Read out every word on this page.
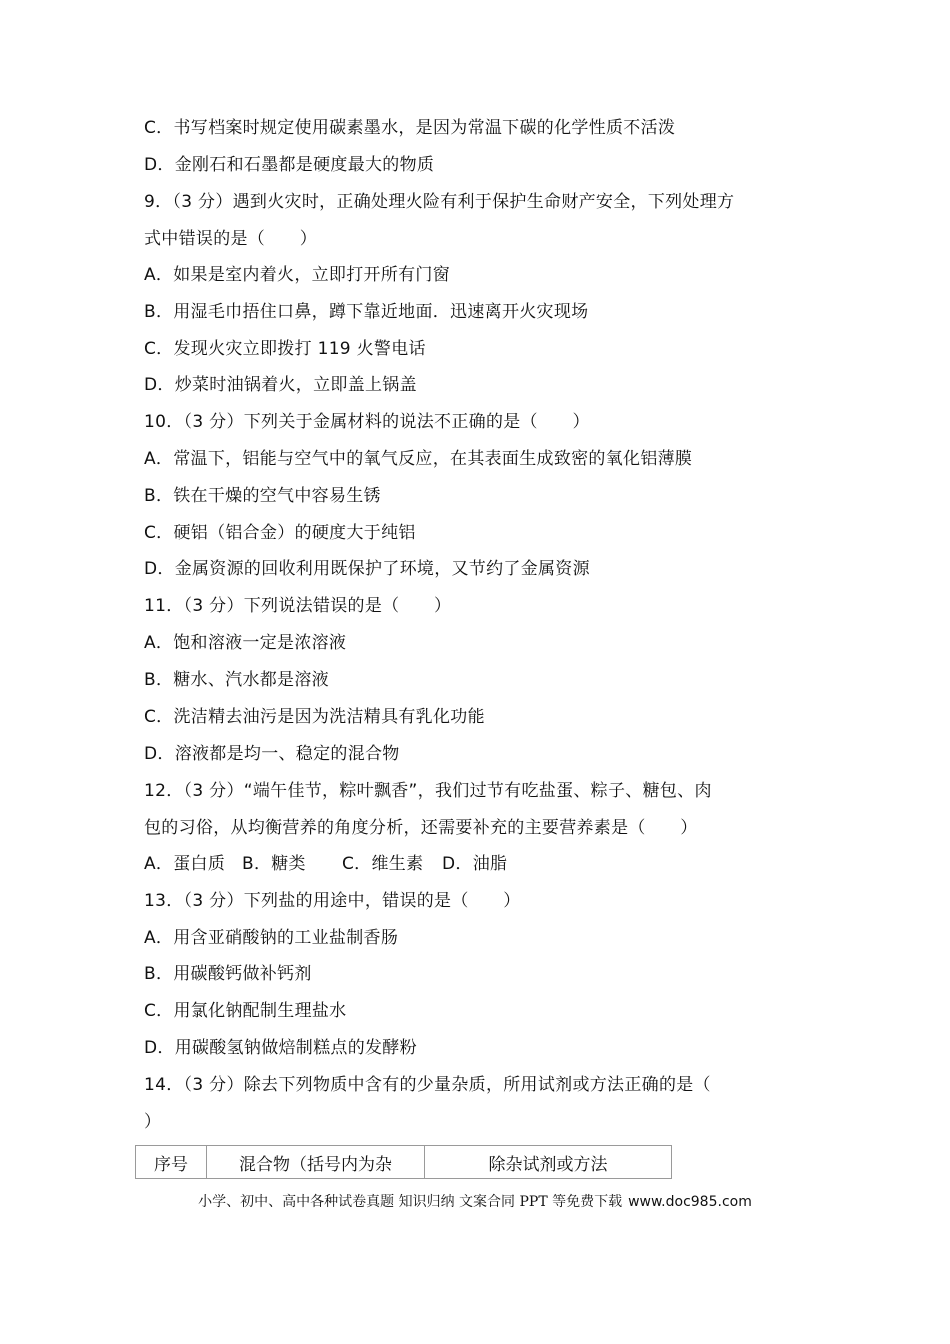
C．书写档案时规定使用碳素墨水，是因为常温下碳的化学性质不活泼
D．金刚石和石墨都是硬度最大的物质
9．（3 分）遇到火灾时，正确处理火险有利于保护生命财产安全，下列处理方
式中错误的是（　　）
A．如果是室内着火，立即打开所有门窗
B．用湿毛巾捂住口鼻，蹲下靠近地面．迅速离开火灾现场
C．发现火灾立即拨打 119 火警电话
D．炒菜时油锅着火，立即盖上锅盖
10．（3 分）下列关于金属材料的说法不正确的是（　　）
A．常温下，铝能与空气中的氧气反应，在其表面生成致密的氧化铝薄膜
B．铁在干燥的空气中容易生锈
C．硬铝（铝合金）的硬度大于纯铝
D．金属资源的回收利用既保护了环境，又节约了金属资源
11．（3 分）下列说法错误的是（　　）
A．饱和溶液一定是浓溶液
B．糖水、汽水都是溶液
C．洗洁精去油污是因为洗洁精具有乳化功能
D．溶液都是均一、稳定的混合物
12．（3 分）“端午佳节，粽叶飘香”，我们过节有吃盐蛋、粽子、糖包、肉
包的习俗，从均衡营养的角度分析，还需要补充的主要营养素是（　　）
A．蛋白质 B．糖类 C．维生素 D．油脂
13．（3 分）下列盐的用途中，错误的是（　　）
A．用含亚硝酸钠的工业盐制香肠
B．用碳酸钙做补钙剂
C．用氯化钠配制生理盐水
D．用碳酸氢钠做焙制糕点的发酵粉
14．（3 分）除去下列物质中含有的少量杂质，所用试剂或方法正确的是（
）
序号	混合物（括号内为杂	除杂试剂或方法
小学、初中、高中各种试卷真题 知识归纳 文案合同 PPT 等免费下载 www.doc985.com
